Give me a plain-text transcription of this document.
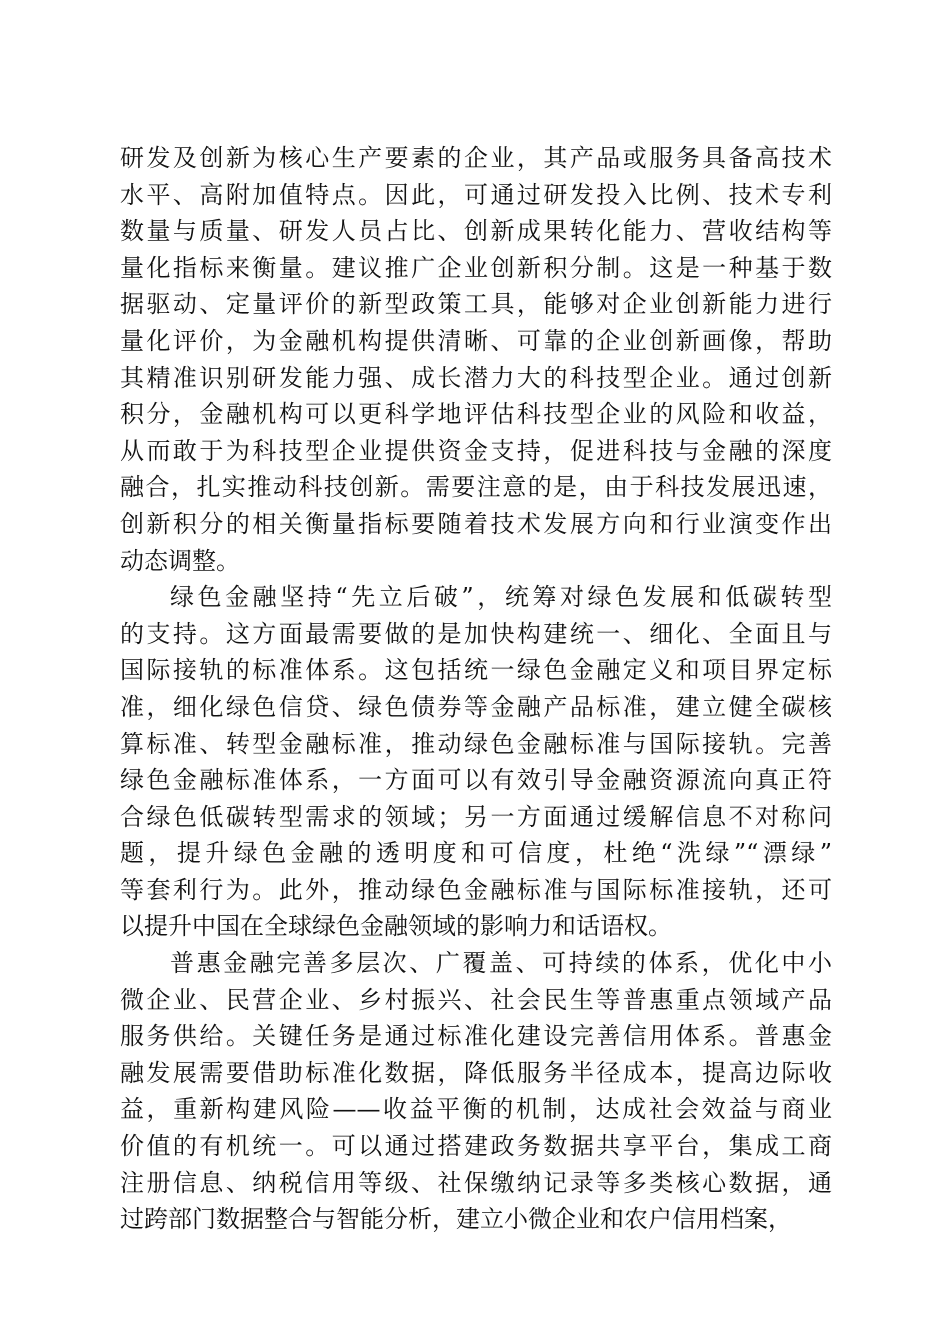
研发及创新为核心生产要素的企业，其产品或服务具备高技术
水平、高附加值特点。因此，可通过研发投入比例、技术专利
数量与质量、研发人员占比、创新成果转化能力、营收结构等
量化指标来衡量。建议推广企业创新积分制。这是一种基于数
据驱动、定量评价的新型政策工具，能够对企业创新能力进行
量化评价，为金融机构提供清晰、可靠的企业创新画像，帮助
其精准识别研发能力强、成长潜力大的科技型企业。通过创新
积分，金融机构可以更科学地评估科技型企业的风险和收益，
从而敢于为科技型企业提供资金支持，促进科技与金融的深度
融合，扎实推动科技创新。需要注意的是，由于科技发展迅速，
创新积分的相关衡量指标要随着技术发展方向和行业演变作出
动态调整。
绿色金融坚持“先立后破”，统筹对绿色发展和低碳转型
的支持。这方面最需要做的是加快构建统一、细化、全面且与
国际接轨的标准体系。这包括统一绿色金融定义和项目界定标
准，细化绿色信贷、绿色债券等金融产品标准，建立健全碳核
算标准、转型金融标准，推动绿色金融标准与国际接轨。完善
绿色金融标准体系，一方面可以有效引导金融资源流向真正符
合绿色低碳转型需求的领域；另一方面通过缓解信息不对称问
题，提升绿色金融的透明度和可信度，杜绝“洗绿”“漂绿”
等套利行为。此外，推动绿色金融标准与国际标准接轨，还可
以提升中国在全球绿色金融领域的影响力和话语权。
普惠金融完善多层次、广覆盖、可持续的体系，优化中小
微企业、民营企业、乡村振兴、社会民生等普惠重点领域产品
服务供给。关键任务是通过标准化建设完善信用体系。普惠金
融发展需要借助标准化数据，降低服务半径成本，提高边际收
益，重新构建风险——收益平衡的机制，达成社会效益与商业
价值的有机统一。可以通过搭建政务数据共享平台，集成工商
注册信息、纳税信用等级、社保缴纳记录等多类核心数据，通
过跨部门数据整合与智能分析，建立小微企业和农户信用档案，
